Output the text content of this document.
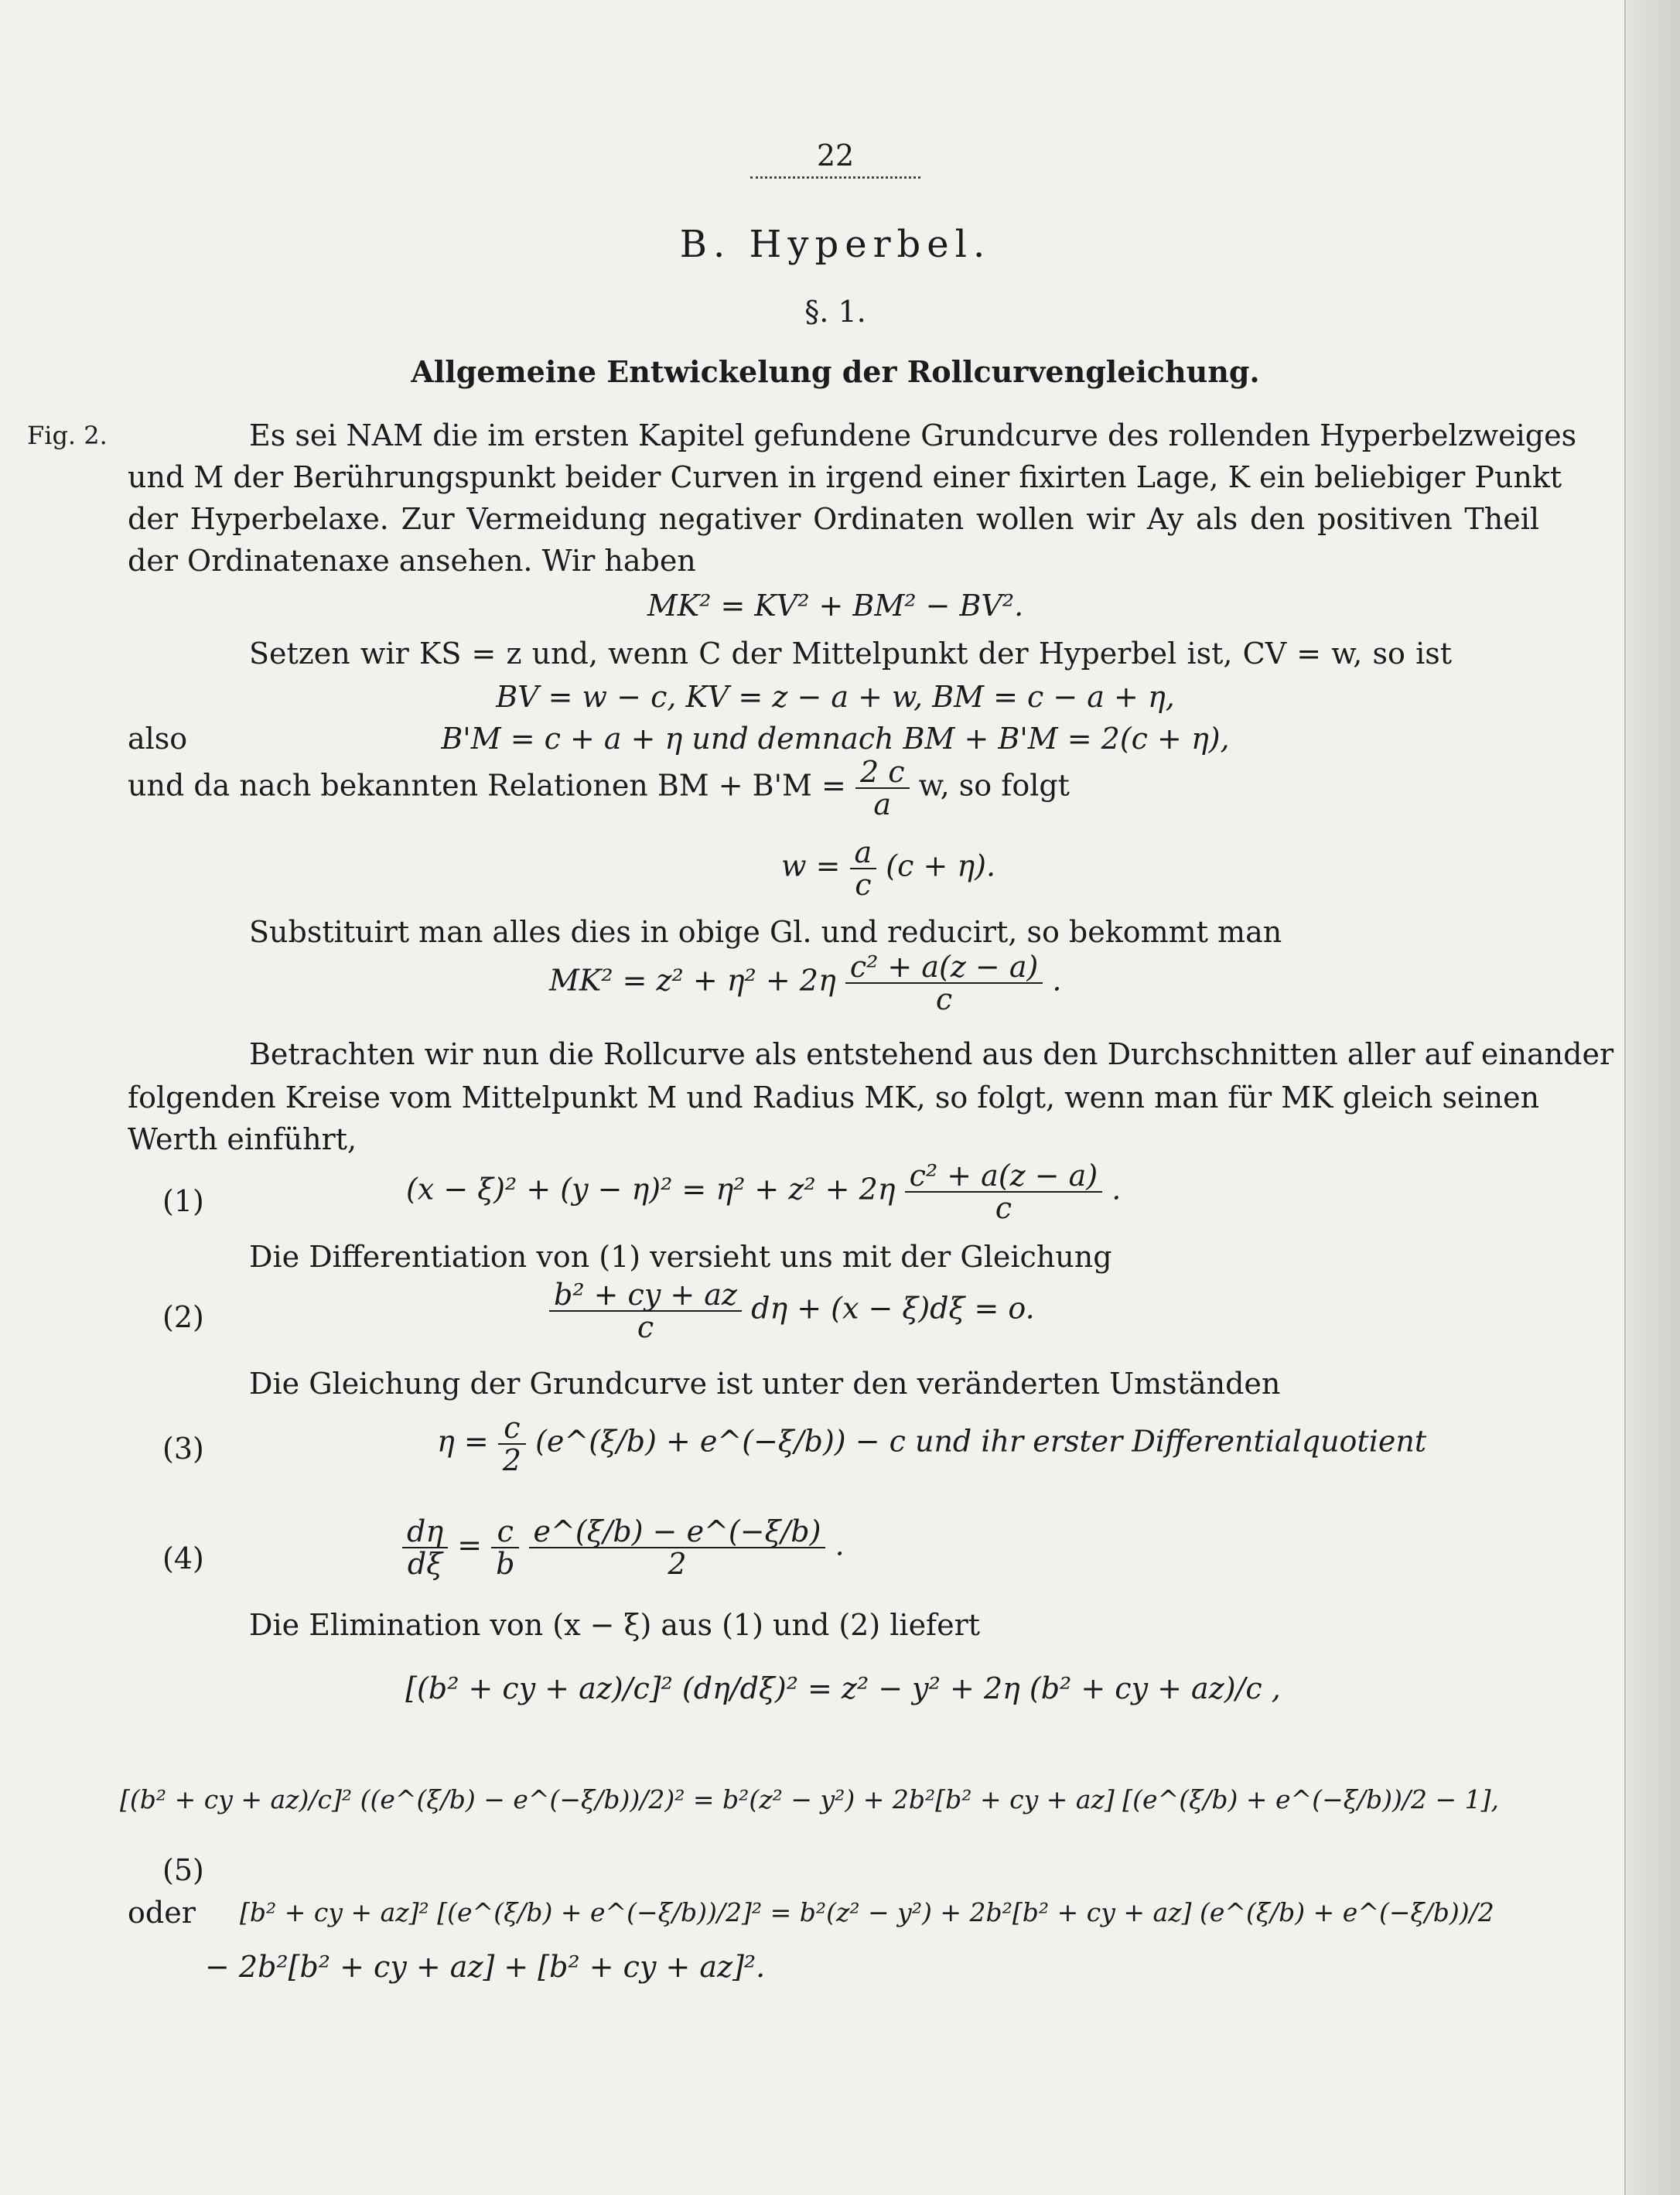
22
B. Hyperbel.
§. 1.
Allgemeine Entwickelung der Rollcurvengleichung.
Fig. 2.	Es sei NAM die im ersten Kapitel gefundene Grundcurve des rollenden Hyperbelzweiges
und M der Berührungspunkt beider Curven in irgend einer fixirten Lage, K ein beliebiger Punkt
der Hyperbelaxe. Zur Vermeidung negativer Ordinaten wollen wir Ay als den positiven Theil
der Ordinatenaxe ansehen. Wir haben
MK² = KV² + BM² − BV².
Setzen wir KS = z und, wenn C der Mittelpunkt der Hyperbel ist, CV = w, so ist
BV = w − c, KV = z − a + w, BM = c − a + η,
also	B'M = c + a + η und demnach BM + B'M = 2(c + η),
und da nach bekannten Relationen BM + $B'M = \frac{2 c}{a} w$, so folgt
$w = \frac{a}{c} (c + \eta)$.
Substituirt man alles dies in obige Gl. und reducirt, so bekommt man
$MK^2 = z^2 + \eta^2 + 2\eta \frac{\text{c² + a(z − a)}}{c}$ .
Betrachten wir nun die Rollcurve als entstehend aus den Durchschnitten aller auf einander
folgenden Kreise vom Mittelpunkt M und Radius MK, so folgt, wenn man für MK gleich seinen
Werth einführt,
(1)	$(x - \xi)^2 + (y - \eta)^2 = \eta^2 + z^2 + 2\eta \frac{\text{c² + a(z − a)}}{c}$ .
Die Differentiation von (1) versieht uns mit der Gleichung
(2)	$\frac{\text{b² + cy + az}}{c}$ dη + (x − ξ)dξ = o.
Die Gleichung der Grundcurve ist unter den veränderten Umständen
(3)	$\eta = \frac{c}{2}$ (e^(ξ/b) + e^(−ξ/b)) − c und ihr erster Differentialquotient
(4)	$\frac{d\eta}{d\xi} = \frac{c}{b}$
$\frac{e\^{}(\xi/b) - e\^{}(-\xi/b)}{2}$ .
Die Elimination von (x − ξ) aus (1) und (2) liefert
[(b² + cy + az)/c]² (dη/dξ)² = z² − y² + 2η (b² + cy + az)/c ,
[(b² + cy + az)/c]² ((e^(ξ/b) − e^(−ξ/b))/2)² = b²(z² − y²) + 2b²[b² + cy + az] [(e^(ξ/b) + e^(−ξ/b))/2 − 1],
(5)
oder [b² + cy + az]² [(e^(ξ/b) + e^(−ξ/b))/2]² = b²(z² − y²) + 2b²[b² + cy + az] (e^(ξ/b) + e^(−ξ/b))/2
− 2b²[b² + cy + az] + [b² + cy + az]².
